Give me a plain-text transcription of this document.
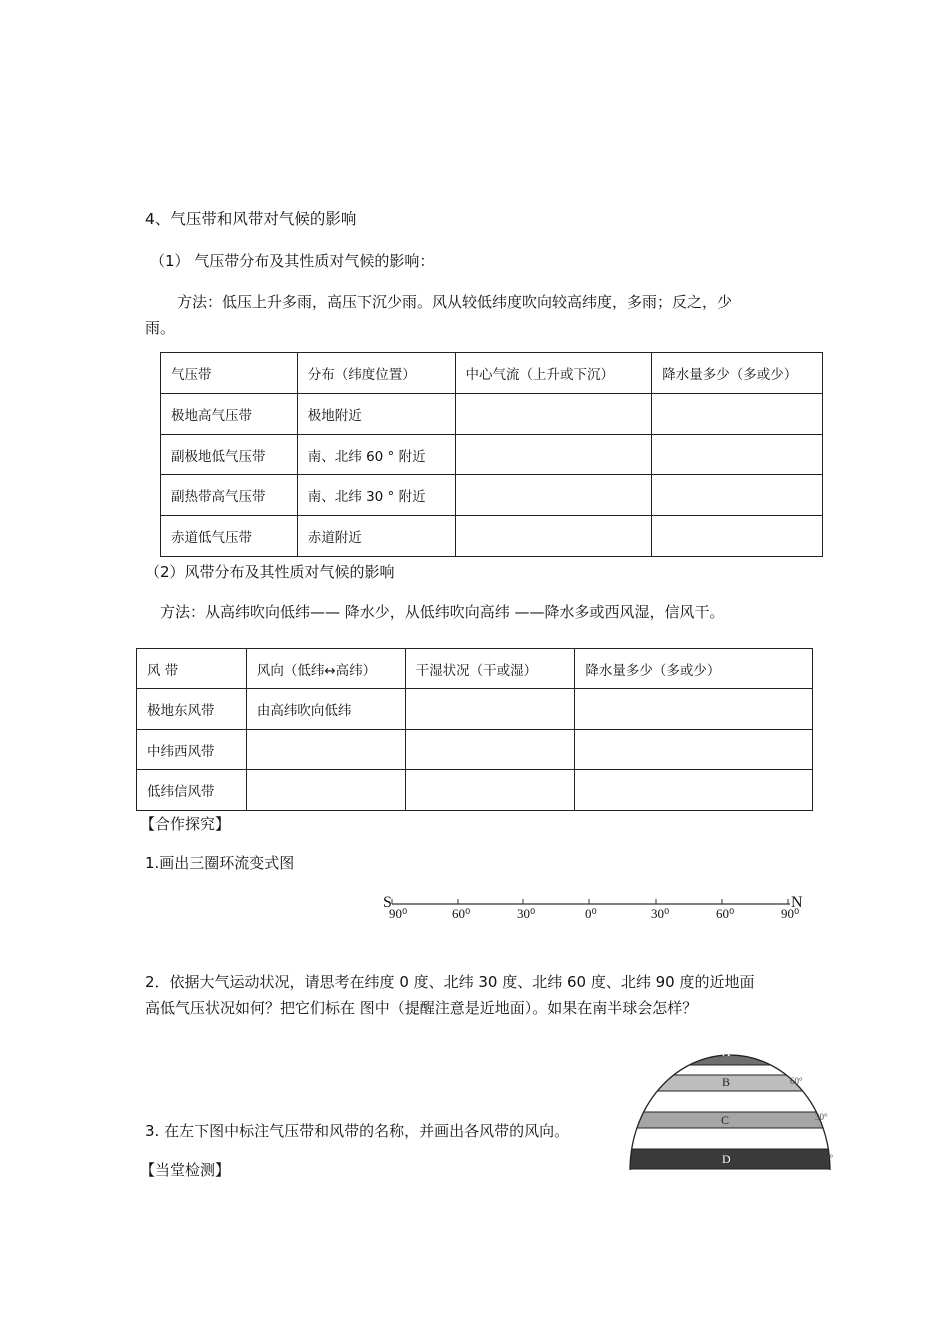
4、气压带和风带对气候的影响
（1） 气压带分布及其性质对气候的影响：
方法：低压上升多雨，高压下沉少雨。风从较低纬度吹向较高纬度，多雨；反之，少
雨。
气压带	分布（纬度位置）	中心气流（上升或下沉）	降水量多少（多或少）
极地高气压带	极地附近		
副极地低气压带	南、北纬 60 ° 附近		
副热带高气压带	南、北纬 30 ° 附近		
赤道低气压带	赤道附近		
（2）风带分布及其性质对气候的影响
方法：从高纬吹向低纬—— 降水少，从低纬吹向高纬 ——降水多或西风湿，信风干。
风 带	风向（低纬↔高纬）	干湿状况（干或湿）	降水量多少（多或少）
极地东风带	由高纬吹向低纬		
中纬西风带			
低纬信风带			
【合作探究】
1.画出三圈环流变式图
S	N
90⁰	60⁰	30⁰	0⁰	30⁰	60⁰	90⁰
2．依据大气运动状况，请思考在纬度 0 度、北纬 30 度、北纬 60 度、北纬 90 度的近地面
高低气压状况如何？把它们标在 图中（提醒注意是近地面）。如果在南半球会怎样？
3. 在左下图中标注气压带和风带的名称，并画出各风带的风向。
A
B
C
D
60°
30°
0°
【当堂检测】
